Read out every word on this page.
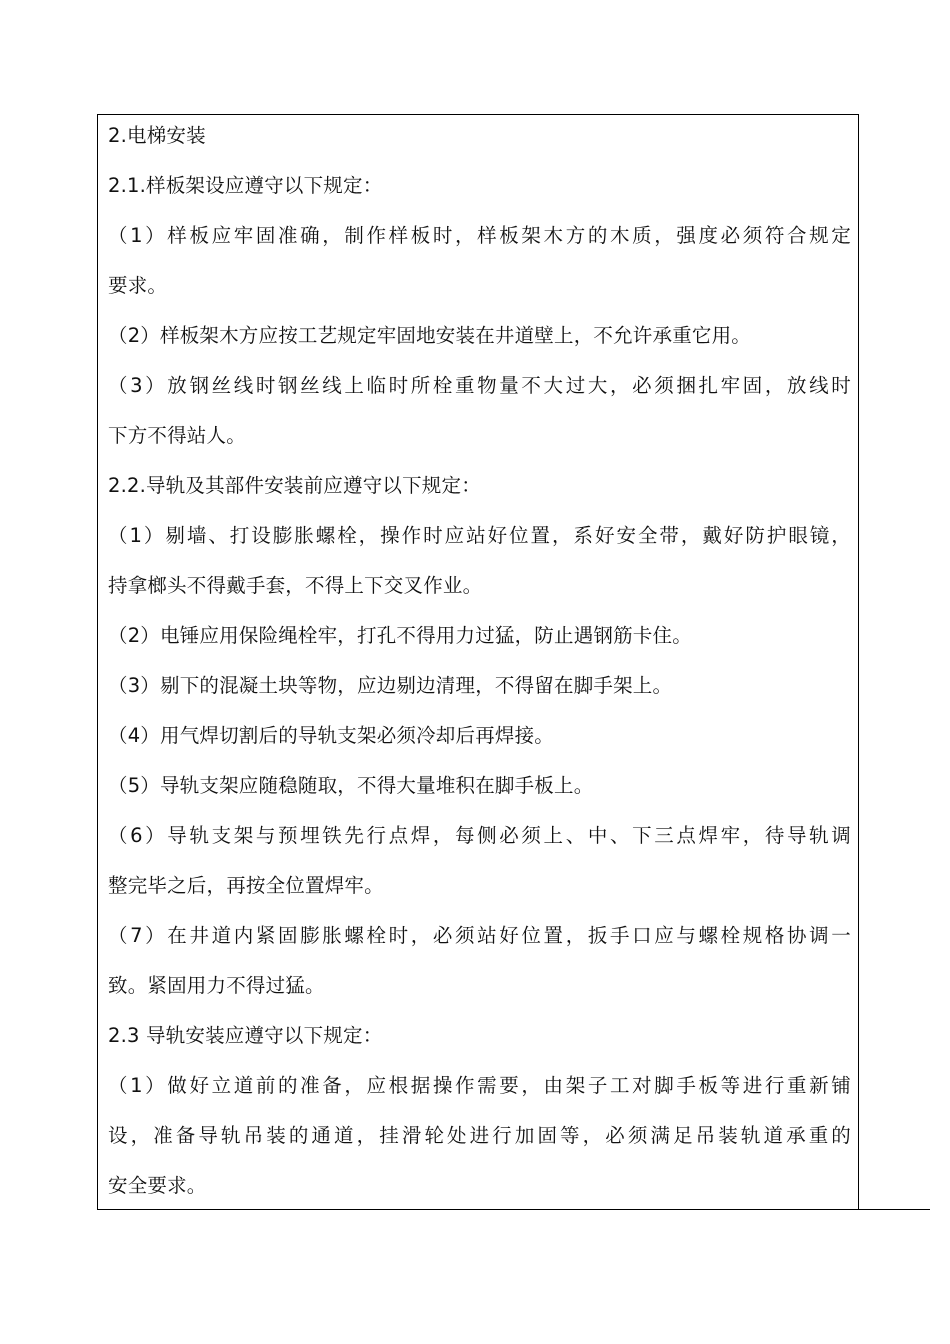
2.电梯安装
2.1.样板架设应遵守以下规定：
（1）样板应牢固准确，制作样板时，样板架木方的木质，强度必须符合规定
要求。
（2）样板架木方应按工艺规定牢固地安装在井道壁上，不允许承重它用。
（3）放钢丝线时钢丝线上临时所栓重物量不大过大，必须捆扎牢固，放线时
下方不得站人。
2.2.导轨及其部件安装前应遵守以下规定：
（1）剔墙、打设膨胀螺栓，操作时应站好位置，系好安全带，戴好防护眼镜，
持拿榔头不得戴手套，不得上下交叉作业。
（2）电锤应用保险绳栓牢，打孔不得用力过猛，防止遇钢筋卡住。
（3）剔下的混凝土块等物，应边剔边清理，不得留在脚手架上。
（4）用气焊切割后的导轨支架必须冷却后再焊接。
（5）导轨支架应随稳随取，不得大量堆积在脚手板上。
（6）导轨支架与预埋铁先行点焊，每侧必须上、中、下三点焊牢，待导轨调
整完毕之后，再按全位置焊牢。
（7）在井道内紧固膨胀螺栓时，必须站好位置，扳手口应与螺栓规格协调一
致。紧固用力不得过猛。
2.3 导轨安装应遵守以下规定：
（1）做好立道前的准备，应根据操作需要，由架子工对脚手板等进行重新铺
设，准备导轨吊装的通道，挂滑轮处进行加固等，必须满足吊装轨道承重的
安全要求。
